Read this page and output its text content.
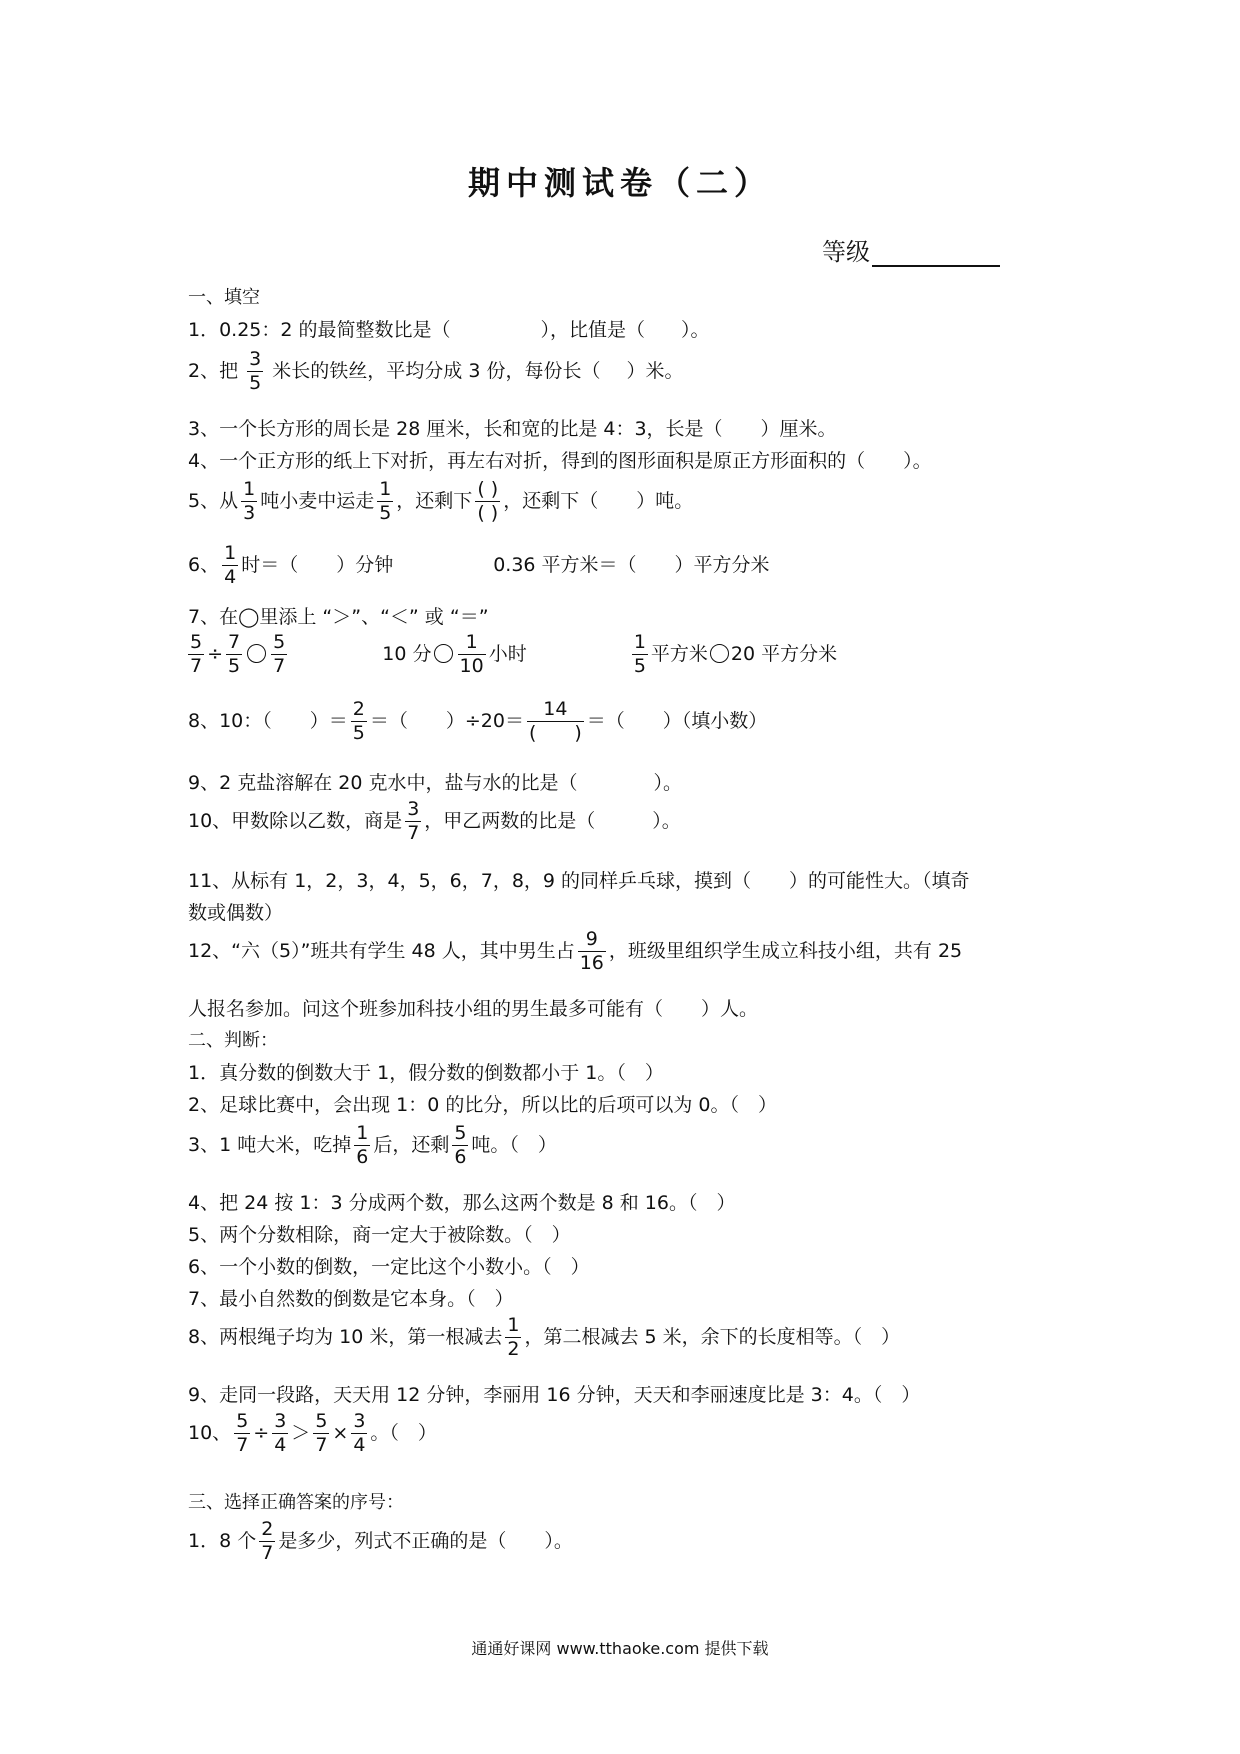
期中测试卷（二）
等级
一、填空
1．0.25：2 的最简整数比是（	），比值是（ ）。
2、把 $\frac{3}{5}$ 米长的铁丝，平均分成 3 份，每份长（ ）米。
3、一个长方形的周长是 28 厘米，长和宽的比是 4：3，长是（　　）厘米。
4、一个正方形的纸上下对折，再左右对折，得到的图形面积是原正方形面积的（　　）。
5、从 $\frac{1}{3}$ 吨小麦中运走 $\frac{1}{5}$ ，还剩下 $\frac{( )}{( )}$ ，还剩下（　　）吨。
6、 $\frac{1}{4}$ 时＝（　　）分钟	0.36 平方米＝（　　）平方分米
7、在◯里添上 “＞”、“＜” 或 “＝”
$\frac{5}{7} \div \frac{7}{5} \frac{5}{7}$	10 分 $\frac{1}{10}$ 小时	$\frac{1}{5}$ 平方米 20 平方分米
8、10：（　　）＝ $\frac{2}{5}$ ＝（　　）$\div 20= \frac{14}{( )}$ ＝（　　）（填小数）
9、2 克盐溶解在 20 克水中，盐与水的比是（　　　　）。
10、甲数除以乙数，商是 $\frac{3}{7}$ ，甲乙两数的比是（　　　）。
11、从标有 1，2，3，4，5，6，7，8，9 的同样乒乓球，摸到（　　）的可能性大。（填奇
数或偶数）
12、“六（5）”班共有学生 48 人，其中男生占 $\frac{9}{16}$ ，班级里组织学生成立科技小组，共有 25
人报名参加。问这个班参加科技小组的男生最多可能有（　　）人。
二、判断：
1．真分数的倒数大于 1，假分数的倒数都小于 1。（　）
2、足球比赛中，会出现 1：0 的比分，所以比的后项可以为 0。（　）
3、1 吨大米，吃掉 $\frac{1}{6}$ 后，还剩 $\frac{5}{6}$ 吨。（　）
4、把 24 按 1：3 分成两个数，那么这两个数是 8 和 16。（　）
5、两个分数相除，商一定大于被除数。（　）
6、一个小数的倒数，一定比这个小数小。（　）
7、最小自然数的倒数是它本身。（　）
8、两根绳子均为 10 米，第一根减去 $\frac{1}{2}$ ，第二根减去 5 米，余下的长度相等。（　）
9、走同一段路，天天用 12 分钟，李丽用 16 分钟，天天和李丽速度比是 3：4。（　）
10、 $\frac{5}{7} \div \frac{3}{4} > \frac{5}{7} \times \frac{3}{4}$ 。（　）
三、选择正确答案的序号：
1．8 个 $\frac{2}{7}$ 是多少，列式不正确的是（　　）。
通通好课网 www.tthaoke.com 提供下载
